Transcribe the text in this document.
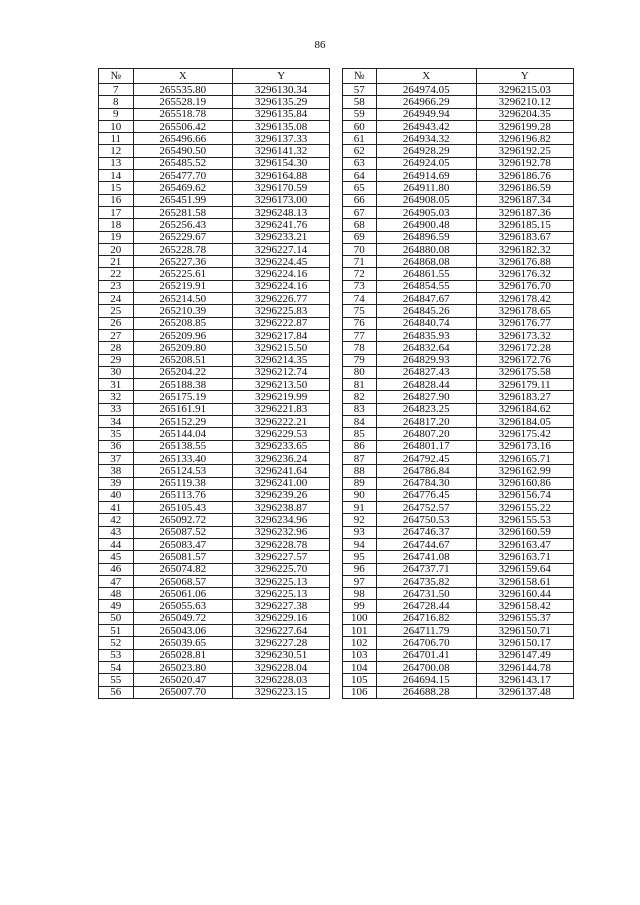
86
№	X	Y		№	X	Y
7	265535.80	3296130.34		57	264974.05	3296215.03
8	265528.19	3296135.29		58	264966.29	3296210.12
9	265518.78	3296135.84		59	264949.94	3296204.35
10	265506.42	3296135.08		60	264943.42	3296199.28
11	265496.66	3296137.33		61	264934.32	3296196.82
12	265490.50	3296141.32		62	264928.29	3296192.25
13	265485.52	3296154.30		63	264924.05	3296192.78
14	265477.70	3296164.88		64	264914.69	3296186.76
15	265469.62	3296170.59		65	264911.80	3296186.59
16	265451.99	3296173.00		66	264908.05	3296187.34
17	265281.58	3296248.13		67	264905.03	3296187.36
18	265256.43	3296241.76		68	264900.48	3296185.15
19	265229.67	3296233.21		69	264896.59	3296183.67
20	265228.78	3296227.14		70	264880.08	3296182.32
21	265227.36	3296224.45		71	264868.08	3296176.88
22	265225.61	3296224.16		72	264861.55	3296176.32
23	265219.91	3296224.16		73	264854.55	3296176.70
24	265214.50	3296226.77		74	264847.67	3296178.42
25	265210.39	3296225.83		75	264845.26	3296178.65
26	265208.85	3296222.87		76	264840.74	3296176.77
27	265209.96	3296217.84		77	264835.93	3296173.32
28	265209.80	3296215.50		78	264832.64	3296172.28
29	265208.51	3296214.35		79	264829.93	3296172.76
30	265204.22	3296212.74		80	264827.43	3296175.58
31	265188.38	3296213.50		81	264828.44	3296179.11
32	265175.19	3296219.99		82	264827.90	3296183.27
33	265161.91	3296221.83		83	264823.25	3296184.62
34	265152.29	3296222.21		84	264817.20	3296184.05
35	265144.04	3296229.53		85	264807.20	3296175.42
36	265138.55	3296233.65		86	264801.17	3296173.16
37	265133.40	3296236.24		87	264792.45	3296165.71
38	265124.53	3296241.64		88	264786.84	3296162.99
39	265119.38	3296241.00		89	264784.30	3296160.86
40	265113.76	3296239.26		90	264776.45	3296156.74
41	265105.43	3296238.87		91	264752.57	3296155.22
42	265092.72	3296234.96		92	264750.53	3296155.53
43	265087.52	3296232.96		93	264746.37	3296160.59
44	265083.47	3296228.78		94	264744.67	3296163.47
45	265081.57	3296227.57		95	264741.08	3296163.71
46	265074.82	3296225.70		96	264737.71	3296159.64
47	265068.57	3296225.13		97	264735.82	3296158.61
48	265061.06	3296225.13		98	264731.50	3296160.44
49	265055.63	3296227.38		99	264728.44	3296158.42
50	265049.72	3296229.16		100	264716.82	3296155.37
51	265043.06	3296227.64		101	264711.79	3296150.71
52	265039.65	3296227.28		102	264706.70	3296150.17
53	265028.81	3296230.51		103	264701.41	3296147.49
54	265023.80	3296228.04		104	264700.08	3296144.78
55	265020.47	3296228.03		105	264694.15	3296143.17
56	265007.70	3296223.15		106	264688.28	3296137.48
